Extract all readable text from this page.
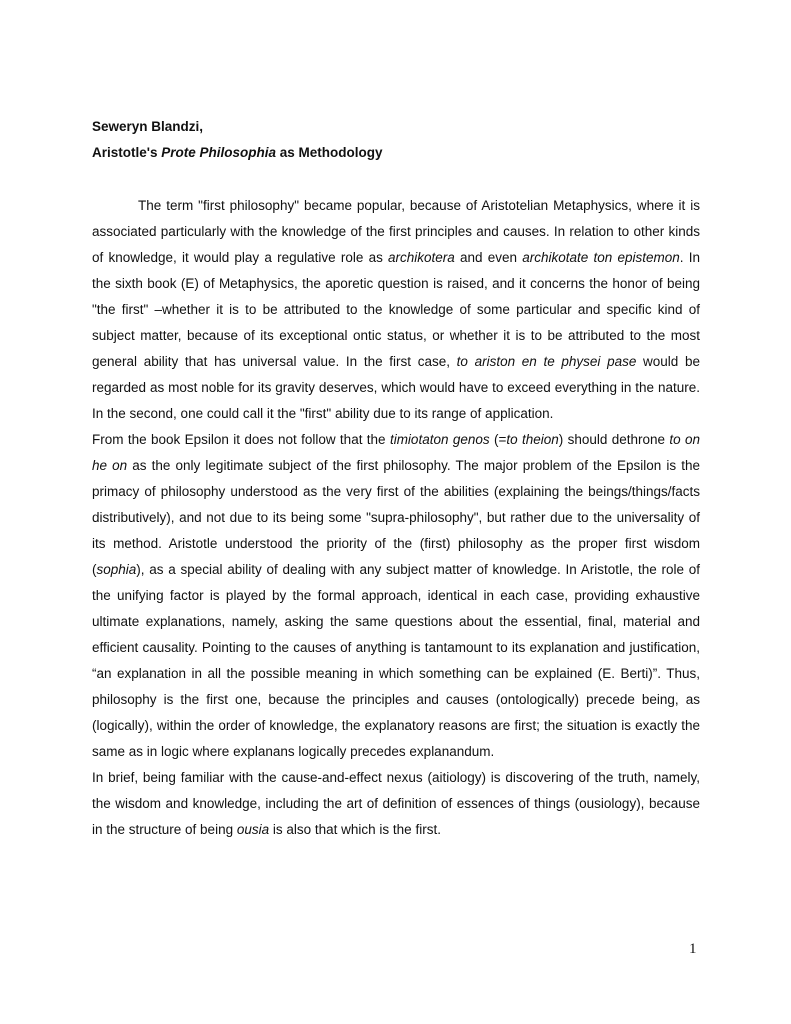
Seweryn Blandzi,
Aristotle's Prote Philosophia as Methodology

The term "first philosophy" became popular, because of Aristotelian Metaphysics, where it is associated particularly with the knowledge of the first principles and causes. In relation to other kinds of knowledge, it would play a regulative role as archikotera and even archikotate ton epistemon. In the sixth book (E) of Metaphysics, the aporetic question is raised, and it concerns the honor of being "the first" –whether it is to be attributed to the knowledge of some particular and specific kind of subject matter, because of its exceptional ontic status, or whether it is to be attributed to the most general ability that has universal value. In the first case, to ariston en te physei pase would be regarded as most noble for its gravity deserves, which would have to exceed everything in the nature. In the second, one could call it the "first" ability due to its range of application.

From the book Epsilon it does not follow that the timiotaton genos (=to theion) should dethrone to on he on as the only legitimate subject of the first philosophy. The major problem of the Epsilon is the primacy of philosophy understood as the very first of the abilities (explaining the beings/things/facts distributively), and not due to its being some "supra-philosophy", but rather due to the universality of its method. Aristotle understood the priority of the (first) philosophy as the proper first wisdom (sophia), as a special ability of dealing with any subject matter of knowledge. In Aristotle, the role of the unifying factor is played by the formal approach, identical in each case, providing exhaustive ultimate explanations, namely, asking the same questions about the essential, final, material and efficient causality. Pointing to the causes of anything is tantamount to its explanation and justification, “an explanation in all the possible meaning in which something can be explained (E. Berti)”. Thus, philosophy is the first one, because the principles and causes (ontologically) precede being, as (logically), within the order of knowledge, the explanatory reasons are first; the situation is exactly the same as in logic where explanans logically precedes explanandum.

In brief, being familiar with the cause-and-effect nexus (aitiology) is discovering of the truth, namely, the wisdom and knowledge, including the art of definition of essences of things (ousiology), because in the structure of being ousia is also that which is the first.

1
